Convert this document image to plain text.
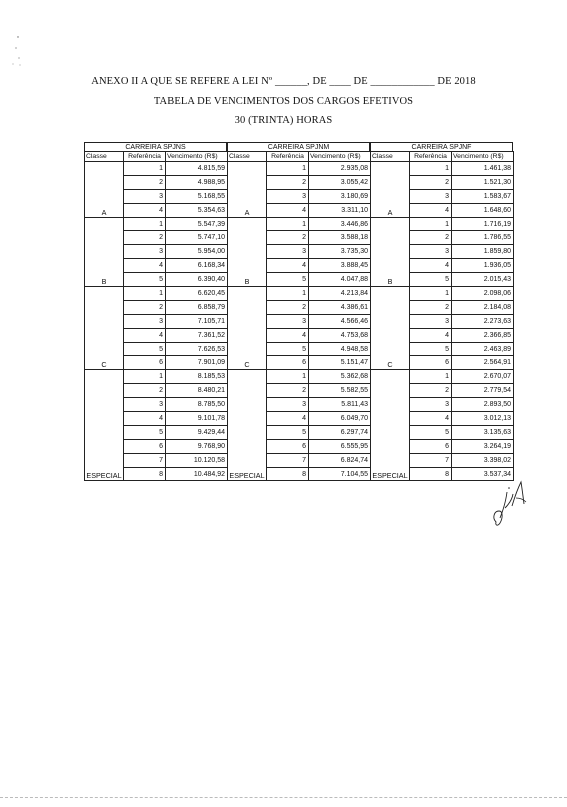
ANEXO II A QUE SE REFERE A LEI Nº ______, DE ____ DE ____________ DE 2018
TABELA DE VENCIMENTOS DOS CARGOS EFETIVOS
30 (TRINTA) HORAS
CARREIRA SPJNS
Classe	Referência	Vencimento (R$)
A	1	4.815,59
	2	4.988,95
	3	5.168,55
	4	5.354,63
B	1	5.547,39
	2	5.747,10
	3	5.954,00
	4	6.168,34
	5	6.390,40
C	1	6.620,45
	2	6.858,79
	3	7.105,71
	4	7.361,52
	5	7.626,53
	6	7.901,09
ESPECIAL	1	8.185,53
	2	8.480,21
	3	8.785,50
	4	9.101,78
	5	9.429,44
	6	9.768,90
	7	10.120,58
	8	10.484,92
CARREIRA SPJNM
Classe	Referência	Vencimento (R$)
A	1	2.935,08
	2	3.055,42
	3	3.180,69
	4	3.311,10
B	1	3.446,86
	2	3.588,18
	3	3.735,30
	4	3.888,45
	5	4.047,88
C	1	4.213,84
	2	4.386,61
	3	4.566,46
	4	4.753,68
	5	4.948,58
	6	5.151,47
ESPECIAL	1	5.362,68
	2	5.582,55
	3	5.811,43
	4	6.049,70
	5	6.297,74
	6	6.555,95
	7	6.824,74
	8	7.104,55
CARREIRA SPJNF
Classe	Referência	Vencimento (R$)
A	1	1.461,38
	2	1.521,30
	3	1.583,67
	4	1.648,60
B	1	1.716,19
	2	1.786,55
	3	1.859,80
	4	1.936,05
	5	2.015,43
C	1	2.098,06
	2	2.184,08
	3	2.273,63
	4	2.366,85
	5	2.463,89
	6	2.564,91
ESPECIAL	1	2.670,07
	2	2.779,54
	3	2.893,50
	4	3.012,13
	5	3.135,63
	6	3.264,19
	7	3.398,02
	8	3.537,34
